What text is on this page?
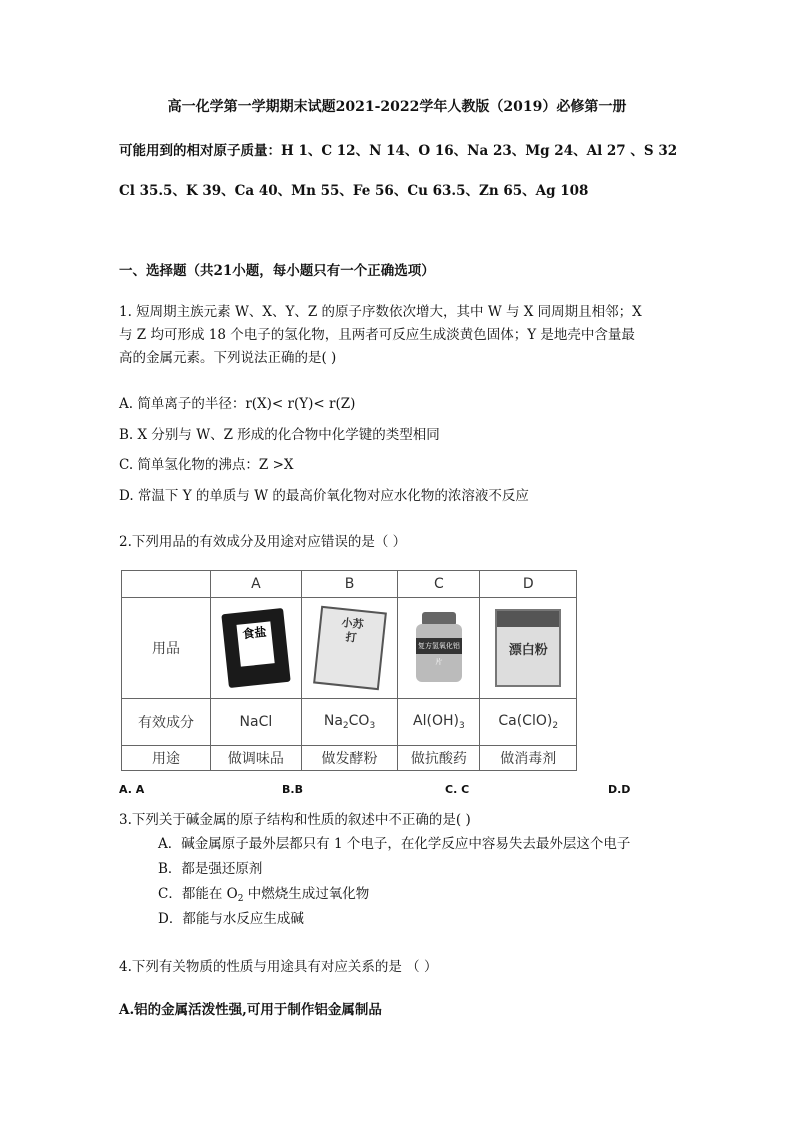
高一化学第一学期期末试题2021-2022学年人教版（2019）必修第一册
可能用到的相对原子质量：H 1、C 12、N 14、O 16、Na 23、Mg 24、Al 27 、S 32
Cl 35.5、K 39、Ca 40、Mn 55、Fe 56、Cu 63.5、Zn 65、Ag 108
一、选择题（共21小题，每小题只有一个正确选项）
1. 短周期主族元素 W、X、Y、Z 的原子序数依次增大，其中 W 与 X 同周期且相邻；X
与 Z 均可形成 18 个电子的氢化物，且两者可反应生成淡黄色固体；Y 是地壳中含量最
高的金属元素。下列说法正确的是( )
A. 简单离子的半径：r(X)< r(Y)< r(Z)
B. X 分别与 W、Z 形成的化合物中化学键的类型相同
C. 简单氢化物的沸点：Z >X
D. 常温下 Y 的单质与 W 的最高价氧化物对应水化物的浓溶液不反应
2.下列用品的有效成分及用途对应错误的是（ ）
	A	B	C	D
用品	食盐	小苏打	复方氢氧化铝片	漂白粉

有效成分	NaCl	$Na_2CO_3$	$Al(OH)_3$	$Ca(ClO)_2$
用途	做调味品	做发酵粉	做抗酸药	做消毒剂
A. A	B.B	C. C	D.D
3.下列关于碱金属的原子结构和性质的叙述中不正确的是( )
A．碱金属原子最外层都只有 1 个电子，在化学反应中容易失去最外层这个电子
B．都是强还原剂
C．都能在 $O_2$ 中燃烧生成过氧化物
D．都能与水反应生成碱
4.下列有关物质的性质与用途具有对应关系的是 （ ）
A.铝的金属活泼性强,可用于制作铝金属制品
